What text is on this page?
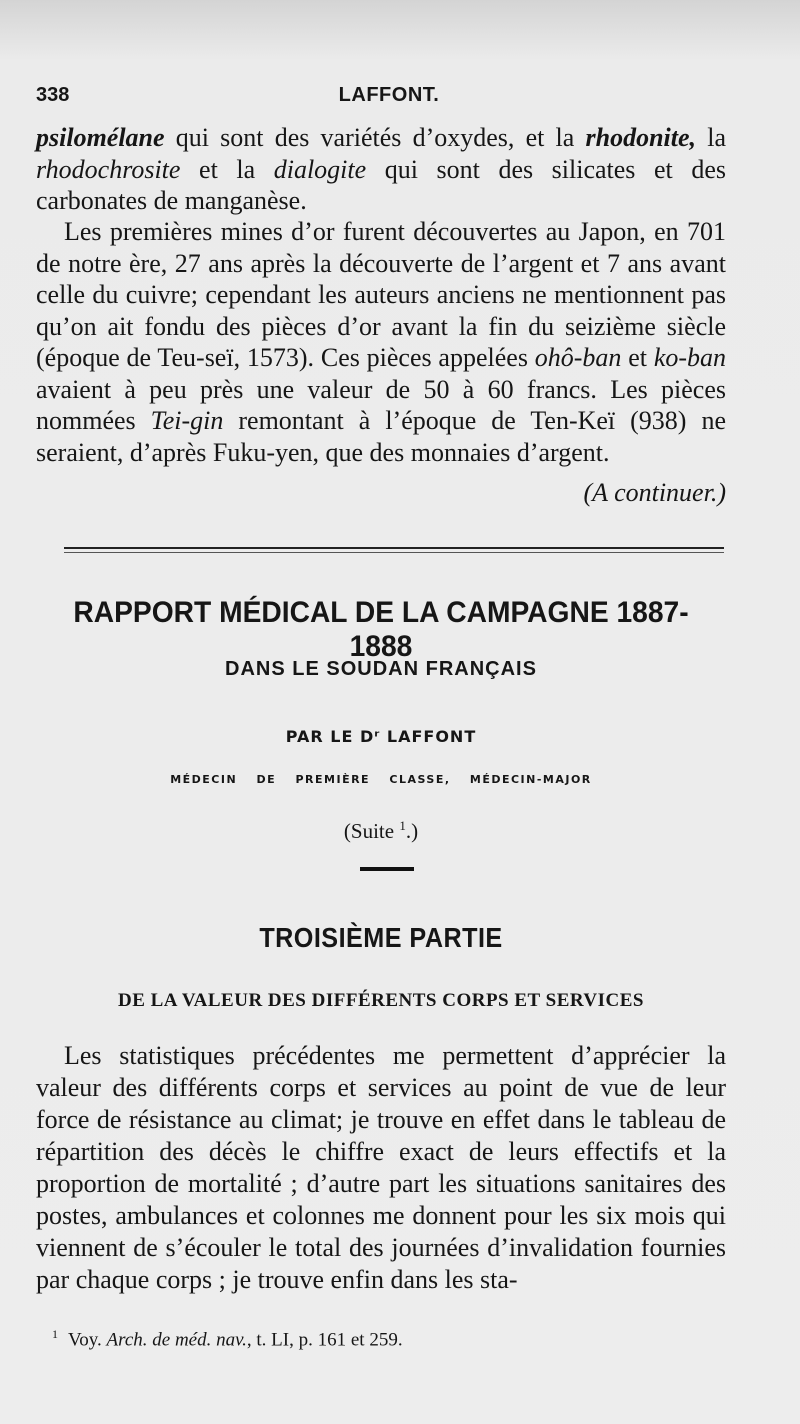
338	LAFFONT.

psilomélane qui sont des variétés d’oxydes, et la rhodonite, la rhodochrosite et la dialogite qui sont des silicates et des carbonates de manganèse.

Les premières mines d’or furent découvertes au Japon, en 701 de notre ère, 27 ans après la découverte de l’argent et 7 ans avant celle du cuivre; cependant les auteurs anciens ne mentionnent pas qu’on ait fondu des pièces d’or avant la fin du seizième siècle (époque de Teu-seï, 1573). Ces pièces appelées ohô-ban et ko-ban avaient à peu près une valeur de 50 à 60 francs. Les pièces nommées Tei-gin remontant à l’époque de Ten-Keï (938) ne seraient, d’après Fuku-yen, que des monnaies d’argent.

(A continuer.)
RAPPORT MÉDICAL DE LA CAMPAGNE 1887-1888
DANS LE SOUDAN FRANÇAIS
PAR LE Dʳ LAFFONT
MÉDECIN DE PREMIÈRE CLASSE, MÉDECIN-MAJOR
(Suite $^1$.)
TROISIÈME PARTIE
DE LA VALEUR DES DIFFÉRENTS CORPS ET SERVICES

Les statistiques précédentes me permettent d’apprécier la valeur des différents corps et services au point de vue de leur force de résistance au climat; je trouve en effet dans le tableau de répartition des décès le chiffre exact de leurs effectifs et la proportion de mortalité ; d’autre part les situations sanitaires des postes, ambulances et colonnes me donnent pour les six mois qui viennent de s’écouler le total des journées d’invalidation fournies par chaque corps ; je trouve enfin dans les sta-

$^1$ Voy. Arch. de méd. nav., t. LI, p. 161 et 259.
